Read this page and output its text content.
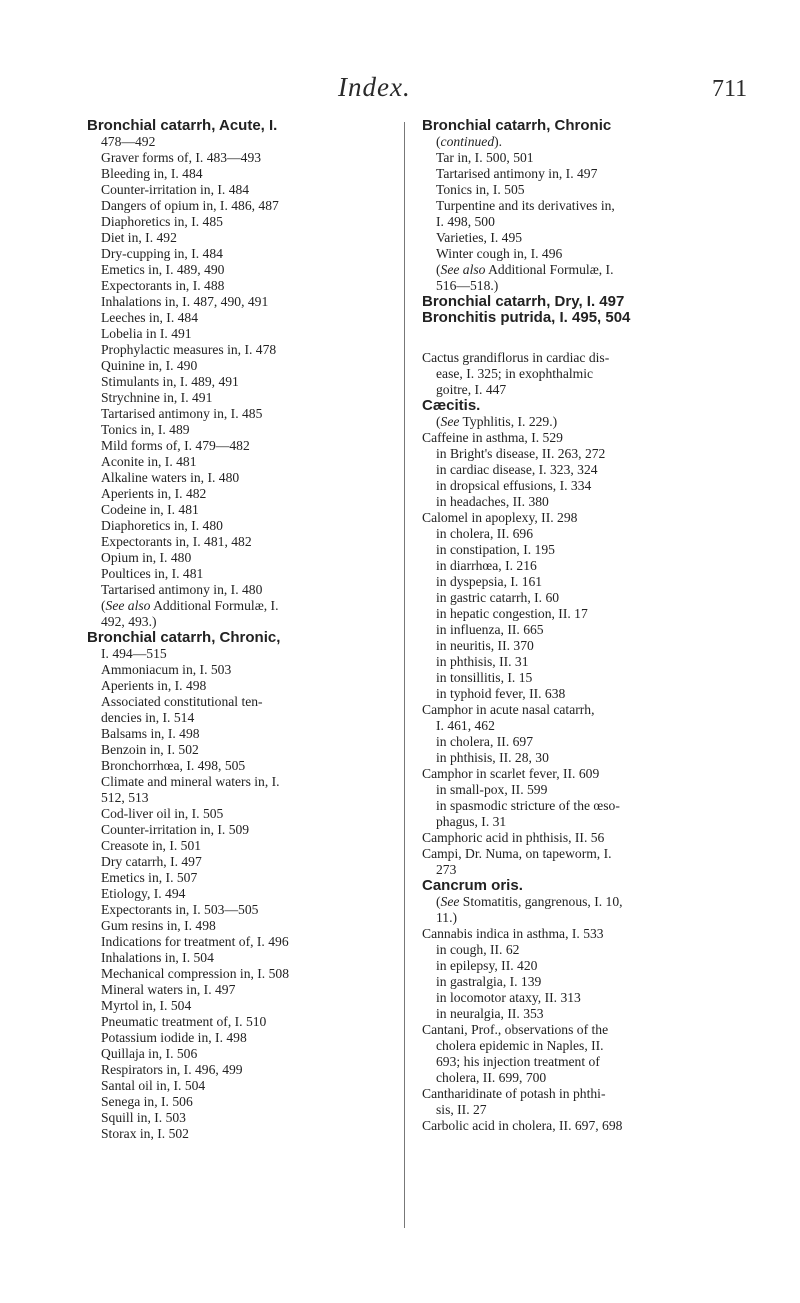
Index.	711
Bronchial catarrh, Acute, I.
478—492
Graver forms of, I. 483—493
Bleeding in, I. 484
Counter-irritation in, I. 484
Dangers of opium in, I. 486, 487
Diaphoretics in, I. 485
Diet in, I. 492
Dry-cupping in, I. 484
Emetics in, I. 489, 490
Expectorants in, I. 488
Inhalations in, I. 487, 490, 491
Leeches in, I. 484
Lobelia in I. 491
Prophylactic measures in, I. 478
Quinine in, I. 490
Stimulants in, I. 489, 491
Strychnine in, I. 491
Tartarised antimony in, I. 485
Tonics in, I. 489
Mild forms of, I. 479—482
Aconite in, I. 481
Alkaline waters in, I. 480
Aperients in, I. 482
Codeine in, I. 481
Diaphoretics in, I. 480
Expectorants in, I. 481, 482
Opium in, I. 480
Poultices in, I. 481
Tartarised antimony in, I. 480
(See also Additional Formulæ, I.
492, 493.)
Bronchial catarrh, Chronic,
I. 494—515
Ammoniacum in, I. 503
Aperients in, I. 498
Associated constitutional ten-
dencies in, I. 514
Balsams in, I. 498
Benzoin in, I. 502
Bronchorrhœa, I. 498, 505
Climate and mineral waters in, I.
512, 513
Cod-liver oil in, I. 505
Counter-irritation in, I. 509
Creasote in, I. 501
Dry catarrh, I. 497
Emetics in, I. 507
Etiology, I. 494
Expectorants in, I. 503—505
Gum resins in, I. 498
Indications for treatment of, I. 496
Inhalations in, I. 504
Mechanical compression in, I. 508
Mineral waters in, I. 497
Myrtol in, I. 504
Pneumatic treatment of, I. 510
Potassium iodide in, I. 498
Quillaja in, I. 506
Respirators in, I. 496, 499
Santal oil in, I. 504
Senega in, I. 506
Squill in, I. 503
Storax in, I. 502
Bronchial catarrh, Chronic
(continued).
Tar in, I. 500, 501
Tartarised antimony in, I. 497
Tonics in, I. 505
Turpentine and its derivatives in,
I. 498, 500
Varieties, I. 495
Winter cough in, I. 496
(See also Additional Formulæ, I.
516—518.)
Bronchial catarrh, Dry, I. 497
Bronchitis putrida, I. 495, 504
Cactus grandiflorus in cardiac dis-
ease, I. 325; in exophthalmic
goitre, I. 447
Cæcitis.
(See Typhlitis, I. 229.)
Caffeine in asthma, I. 529
in Bright's disease, II. 263, 272
in cardiac disease, I. 323, 324
in dropsical effusions, I. 334
in headaches, II. 380
Calomel in apoplexy, II. 298
in cholera, II. 696
in constipation, I. 195
in diarrhœa, I. 216
in dyspepsia, I. 161
in gastric catarrh, I. 60
in hepatic congestion, II. 17
in influenza, II. 665
in neuritis, II. 370
in phthisis, II. 31
in tonsillitis, I. 15
in typhoid fever, II. 638
Camphor in acute nasal catarrh,
I. 461, 462
in cholera, II. 697
in phthisis, II. 28, 30
Camphor in scarlet fever, II. 609
in small-pox, II. 599
in spasmodic stricture of the œso-
phagus, I. 31
Camphoric acid in phthisis, II. 56
Campi, Dr. Numa, on tapeworm, I.
273
Cancrum oris.
(See Stomatitis, gangrenous, I. 10,
11.)
Cannabis indica in asthma, I. 533
in cough, II. 62
in epilepsy, II. 420
in gastralgia, I. 139
in locomotor ataxy, II. 313
in neuralgia, II. 353
Cantani, Prof., observations of the
cholera epidemic in Naples, II.
693; his injection treatment of
cholera, II. 699, 700
Cantharidinate of potash in phthi-
sis, II. 27
Carbolic acid in cholera, II. 697, 698
